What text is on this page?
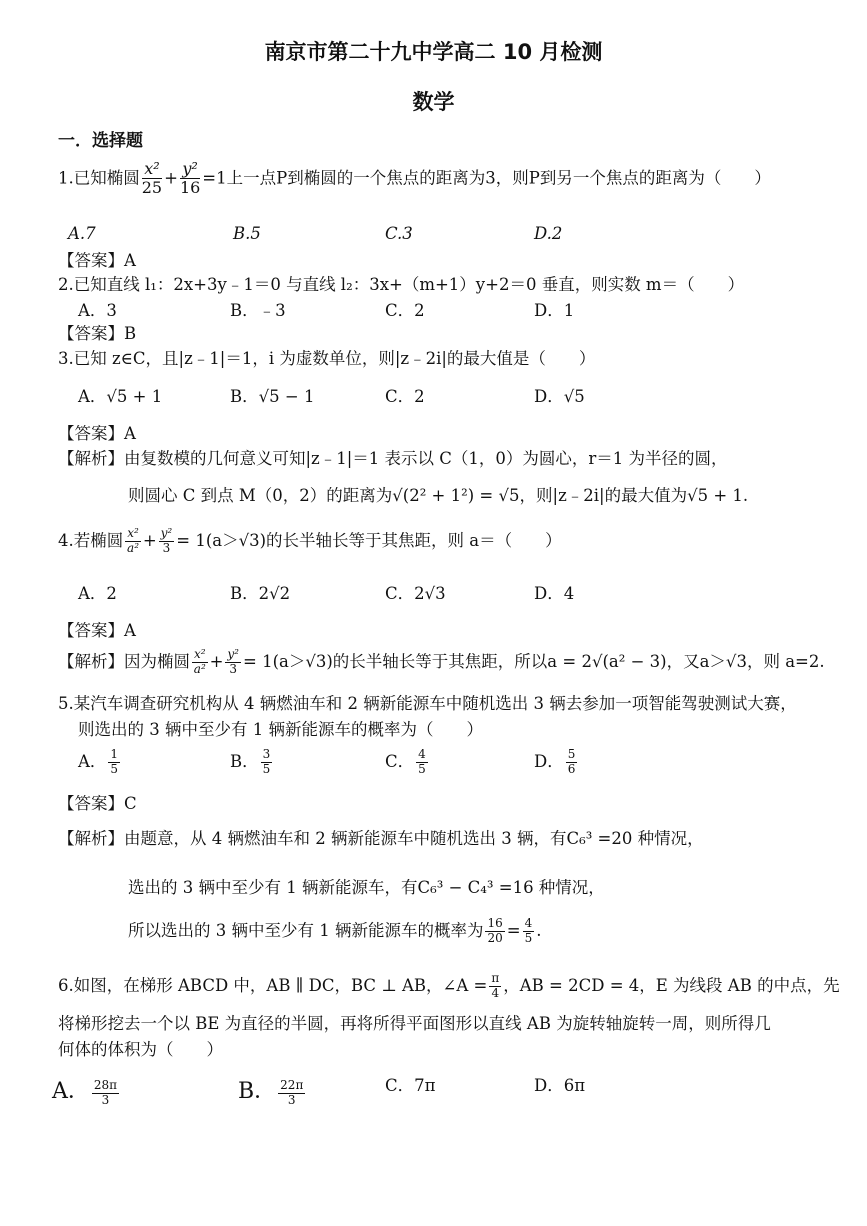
南京市第二十九中学高二 10 月检测
数学
一．选择题
1.已知椭圆 $\frac{\text{x²}}{25} + \frac{\text{y²}}{16} =1$上一点P到椭圆的一个焦点的距离为3，则P到另一个焦点的距离为（　　）
A.7	B.5	C.3	D.2
【答案】A
2.已知直线 l₁：2x+3y﹣1＝0 与直线 l₂：3x+（m+1）y+2＝0 垂直，则实数 m＝（　　）
A．3	B．﹣3	C．2	D．1
【答案】B
3.已知 z∈C，且|z﹣1|＝1，i 为虚数单位，则|z﹣2i|的最大值是（　　）
A．√5 + 1	B．√5 − 1	C．2	D．√5
【答案】A
【解析】由复数模的几何意义可知|z﹣1|＝1 表示以 C（1，0）为圆心，r＝1 为半径的圆，
则圆心 C 到点 M（0，2）的距离为√(2² + 1²) = √5，则|z﹣2i|的最大值为√5 + 1.
4.若椭圆 $\frac{\text{x²}}{\text{a²}} + \frac{\text{y²}}{3} = 1(a>√3)$的长半轴长等于其焦距，则 a＝（　　）
A．2	B．2√2	C．2√3	D．4
【答案】A
【解析】因为椭圆 $\frac{\text{x²}}{\text{a²}} + \frac{\text{y²}}{3} = 1(a>√3)$的长半轴长等于其焦距，所以a = 2√(a² − 3)，又a＞√3，则 a=2.
5.某汽车调查研究机构从 4 辆燃油车和 2 辆新能源车中随机选出 3 辆去参加一项智能驾驶测试大赛，
则选出的 3 辆中至少有 1 辆新能源车的概率为（　　）
A． $\frac{1}{5}$	B． $\frac{3}{5}$	C． $\frac{4}{5}$	D． $\frac{5}{6}$
【答案】C
【解析】由题意，从 4 辆燃油车和 2 辆新能源车中随机选出 3 辆，有C₆³ =20 种情况，
选出的 3 辆中至少有 1 辆新能源车，有C₆³ − C₄³ =16 种情况，
所以选出的 3 辆中至少有 1 辆新能源车的概率为 $\frac{16}{20} = \frac{4}{5}$ .
6.如图，在梯形 ABCD 中，AB ∥ DC，BC ⊥ AB，∠A = $\frac{\pi}{4}$ ，AB = 2CD = 4，E 为线段 AB 的中点，先
将梯形挖去一个以 BE 为直径的半圆，再将所得平面图形以直线 AB 为旋转轴旋转一周，则所得几
何体的体积为（　　）
A． $\frac{28\pi}{3}$	B． $\frac{22\pi}{3}$	C．7π	D．6π
